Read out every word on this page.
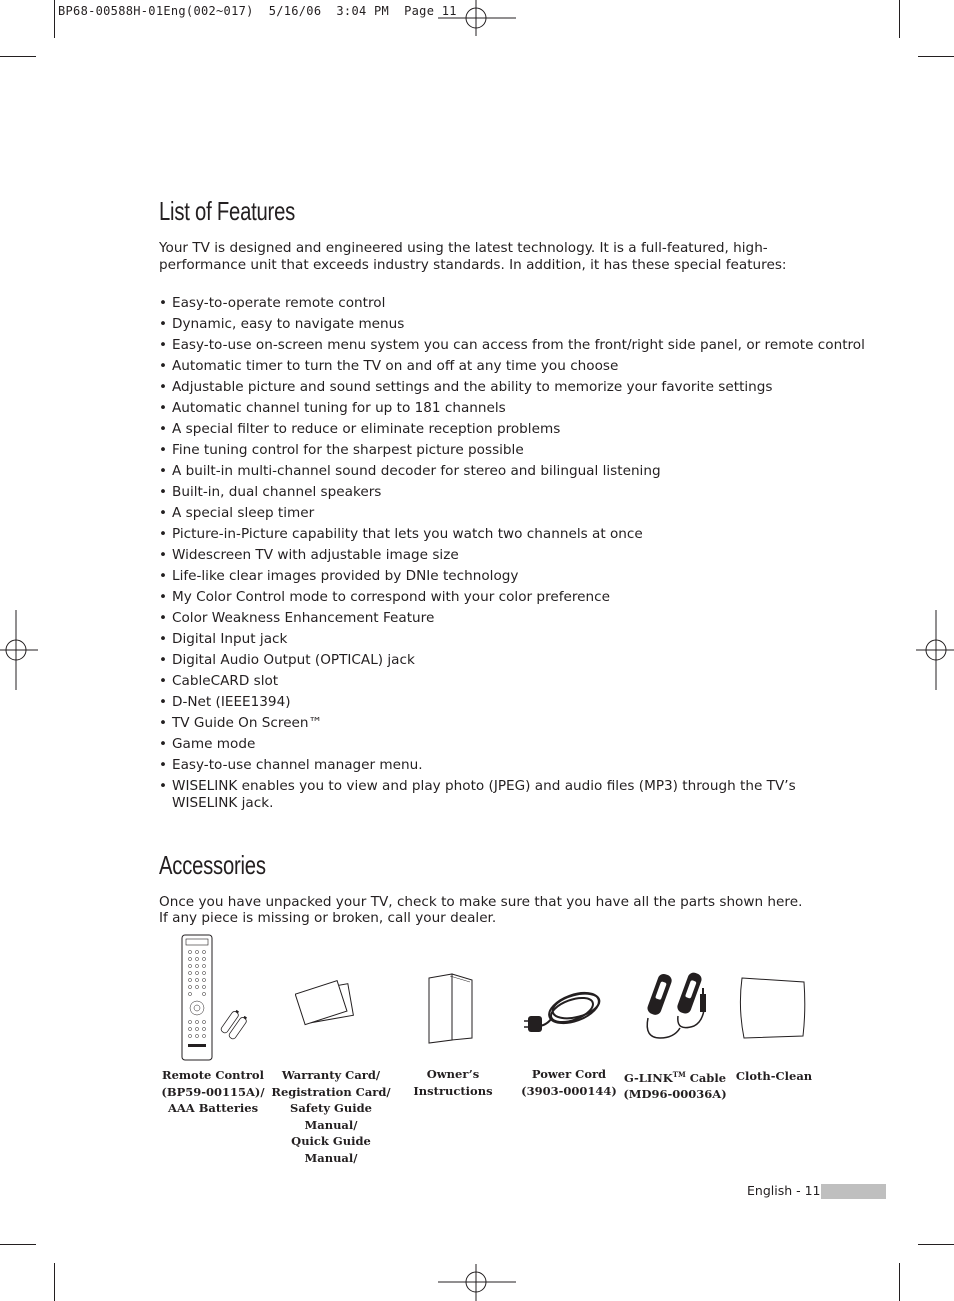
BP68-00588H-01Eng(002~017)  5/16/06  3:04 PM  Page 11
List of Features

Your TV is designed and engineered using the latest technology. It is a full-featured, high-performance unit that exceeds industry standards. In addition, it has these special features:

• Easy-to-operate remote control
• Dynamic, easy to navigate menus
• Easy-to-use on-screen menu system you can access from the front/right side panel, or remote control
• Automatic timer to turn the TV on and off at any time you choose
• Adjustable picture and sound settings and the ability to memorize your favorite settings
• Automatic channel tuning for up to 181 channels
• A special filter to reduce or eliminate reception problems
• Fine tuning control for the sharpest picture possible
• A built-in multi-channel sound decoder for stereo and bilingual listening
• Built-in, dual channel speakers
• A special sleep timer
• Picture-in-Picture capability that lets you watch two channels at once
• Widescreen TV with adjustable image size
• Life-like clear images provided by DNIe technology
• My Color Control mode to correspond with your color preference
• Color Weakness Enhancement Feature
• Digital Input jack
• Digital Audio Output (OPTICAL) jack
• CableCARD slot
• D-Net (IEEE1394)
• TV Guide On Screen™
• Game mode
• Easy-to-use channel manager menu.
• WISELINK enables you to view and play photo (JPEG) and audio files (MP3) through the TV’s WISELINK jack.
Accessories

Once you have unpacked your TV, check to make sure that you have all the parts shown here.

If any piece is missing or broken, call your dealer.

Remote Control
(BP59-00115A)/
AAA Batteries
Warranty Card/
Registration Card/
Safety Guide Manual/
Quick Guide Manual/
Owner’s Instructions
Power Cord
(3903-000144)
G-LINK™ Cable
(MD96-00036A)
Cloth-Clean
English - 11
